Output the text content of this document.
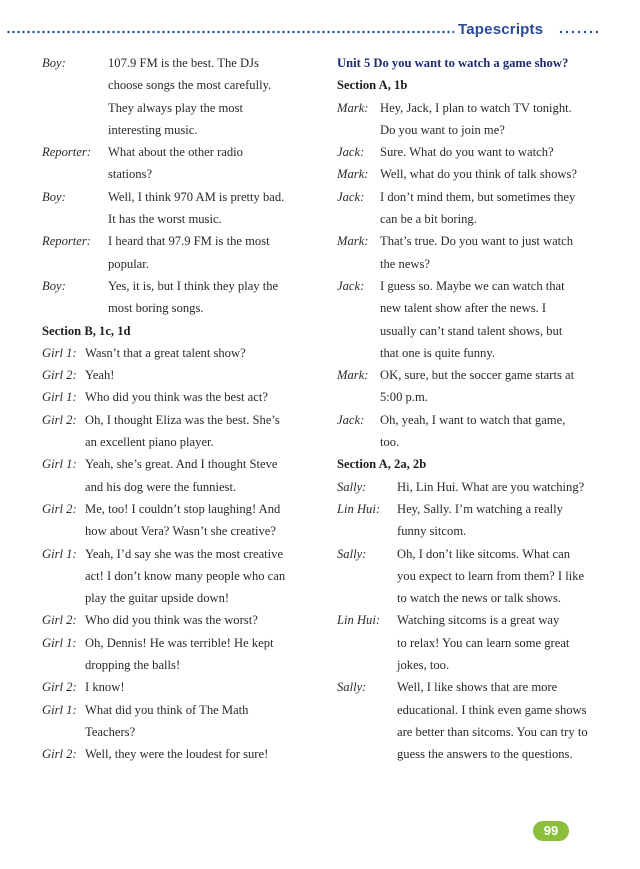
Tapescripts
Boy:	107.9 FM is the best. The DJs
choose songs the most carefully.
They always play the most
interesting music.
Reporter: What about the other radio
stations?
Boy:	Well, I think 970 AM is pretty bad.
It has the worst music.
Reporter: I heard that 97.9 FM is the most
popular.
Boy:	Yes, it is, but I think they play the
most boring songs.
Section B, 1c, 1d
Girl 1: Wasn’t that a great talent show?
Girl 2: Yeah!
Girl 1: Who did you think was the best act?
Girl 2: Oh, I thought Eliza was the best. She’s
an excellent piano player.
Girl 1: Yeah, she’s great. And I thought Steve
and his dog were the funniest.
Girl 2: Me, too! I couldn’t stop laughing! And
how about Vera? Wasn’t she creative?
Girl 1: Yeah, I’d say she was the most creative
act! I don’t know many people who can
play the guitar upside down!
Girl 2: Who did you think was the worst?
Girl 1: Oh, Dennis! He was terrible! He kept
dropping the balls!
Girl 2: I know!
Girl 1: What did you think of The Math
Teachers?
Girl 2: Well, they were the loudest for sure!
Unit 5 Do you want to watch a game show?
Section A, 1b
Mark: Hey, Jack, I plan to watch TV tonight.
Do you want to join me?
Jack: Sure. What do you want to watch?
Mark: Well, what do you think of talk shows?
Jack: I don’t mind them, but sometimes they
can be a bit boring.
Mark: That’s true. Do you want to just watch
the news?
Jack: I guess so. Maybe we can watch that
new talent show after the news. I
usually can’t stand talent shows, but
that one is quite funny.
Mark: OK, sure, but the soccer game starts at
5:00 p.m.
Jack: Oh, yeah, I want to watch that game,
too.
Section A, 2a, 2b
Sally: Hi, Lin Hui. What are you watching?
Lin Hui: Hey, Sally. I’m watching a really
funny sitcom.
Sally: Oh, I don’t like sitcoms. What can
you expect to learn from them? I like
to watch the news or talk shows.
Lin Hui: Watching sitcoms is a great way
to relax! You can learn some great
jokes, too.
Sally: Well, I like shows that are more
educational. I think even game shows
are better than sitcoms. You can try to
guess the answers to the questions.
99
